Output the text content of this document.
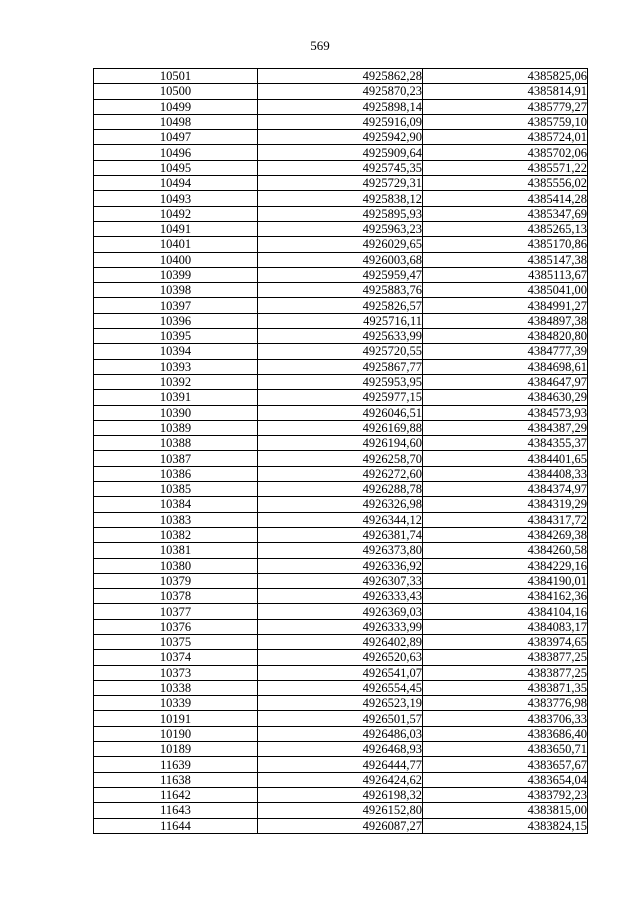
569
10501	4925862,28	4385825,06
10500	4925870,23	4385814,91
10499	4925898,14	4385779,27
10498	4925916,09	4385759,10
10497	4925942,90	4385724,01
10496	4925909,64	4385702,06
10495	4925745,35	4385571,22
10494	4925729,31	4385556,02
10493	4925838,12	4385414,28
10492	4925895,93	4385347,69
10491	4925963,23	4385265,13
10401	4926029,65	4385170,86
10400	4926003,68	4385147,38
10399	4925959,47	4385113,67
10398	4925883,76	4385041,00
10397	4925826,57	4384991,27
10396	4925716,11	4384897,38
10395	4925633,99	4384820,80
10394	4925720,55	4384777,39
10393	4925867,77	4384698,61
10392	4925953,95	4384647,97
10391	4925977,15	4384630,29
10390	4926046,51	4384573,93
10389	4926169,88	4384387,29
10388	4926194,60	4384355,37
10387	4926258,70	4384401,65
10386	4926272,60	4384408,33
10385	4926288,78	4384374,97
10384	4926326,98	4384319,29
10383	4926344,12	4384317,72
10382	4926381,74	4384269,38
10381	4926373,80	4384260,58
10380	4926336,92	4384229,16
10379	4926307,33	4384190,01
10378	4926333,43	4384162,36
10377	4926369,03	4384104,16
10376	4926333,99	4384083,17
10375	4926402,89	4383974,65
10374	4926520,63	4383877,25
10373	4926541,07	4383877,25
10338	4926554,45	4383871,35
10339	4926523,19	4383776,98
10191	4926501,57	4383706,33
10190	4926486,03	4383686,40
10189	4926468,93	4383650,71
11639	4926444,77	4383657,67
11638	4926424,62	4383654,04
11642	4926198,32	4383792,23
11643	4926152,80	4383815,00
11644	4926087,27	4383824,15
